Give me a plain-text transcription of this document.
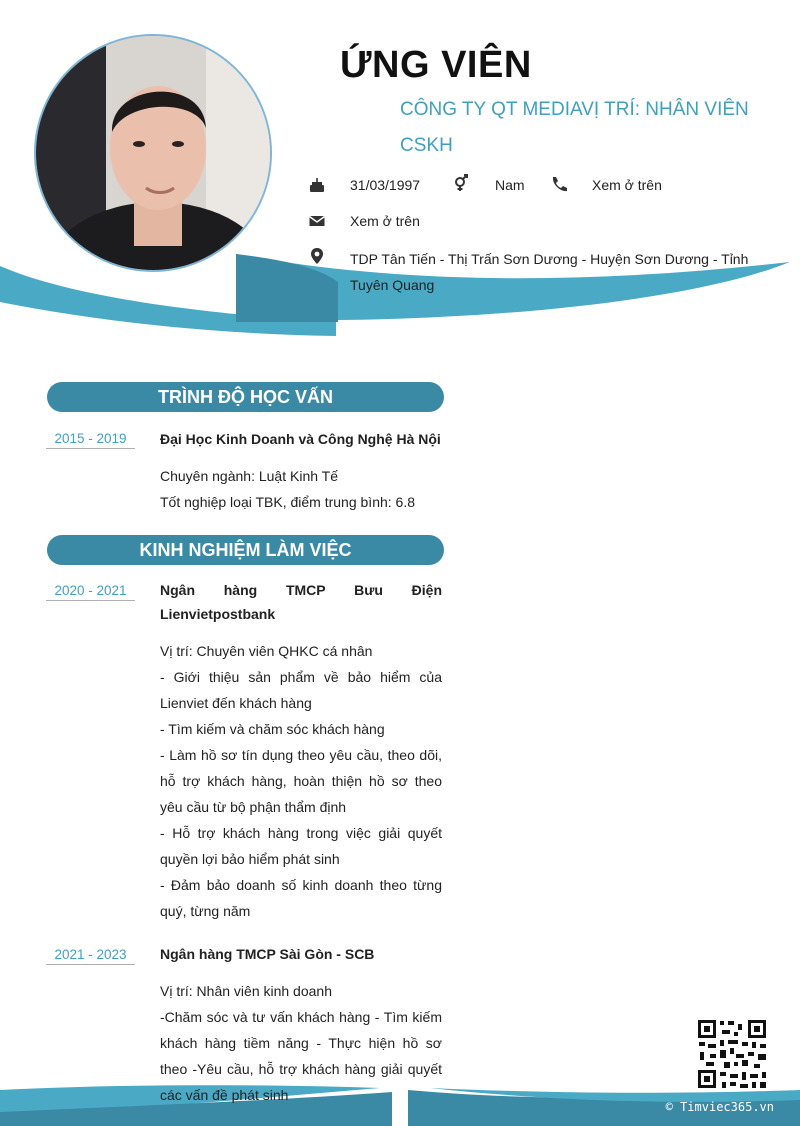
ỨNG VIÊN
CÔNG TY QT MEDIAVỊ TRÍ: NHÂN VIÊN CSKH
31/03/1997	Nam	Xem ở trên
Xem ở trên
TDP Tân Tiến - Thị Trấn Sơn Dương - Huyện Sơn Dương - Tỉnh Tuyên Quang
TRÌNH ĐỘ HỌC VẤN
2015 - 2019	Đại Học Kinh Doanh và Công Nghệ Hà Nội
Chuyên ngành: Luật Kinh Tế
Tốt nghiệp loại TBK, điểm trung bình: 6.8
KINH NGHIỆM LÀM VIỆC
2020 - 2021	Ngân hàng TMCP Bưu Điện Lienvietpostbank
Vị trí: Chuyên viên QHKC cá nhân
- Giới thiệu sản phẩm về bảo hiểm của Lienviet đến khách hàng
- Tìm kiếm và chăm sóc khách hàng
- Làm hồ sơ tín dụng theo yêu cầu, theo dõi, hỗ trợ khách hàng, hoàn thiện hồ sơ theo yêu cầu từ bộ phận thẩm định
- Hỗ trợ khách hàng trong việc giải quyết quyền lợi bảo hiểm phát sinh
- Đảm bảo doanh số kinh doanh theo từng quý, từng năm
2021 - 2023	Ngân hàng TMCP Sài Gòn - SCB
Vị trí: Nhân viên kinh doanh
-Chăm sóc và tư vấn khách hàng - Tìm kiếm khách hàng tiềm năng - Thực hiện hồ sơ theo -Yêu cầu, hỗ trợ khách hàng giải quyết các vấn đề phát sinh
© Timviec365.vn
